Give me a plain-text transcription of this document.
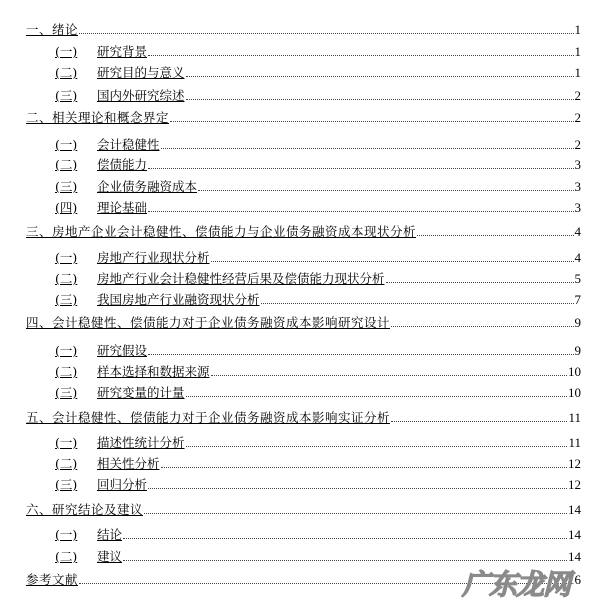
一、绪论	1
(一)	研究背景	1
(二)	研究目的与意义	1
(三)	国内外研究综述	2
二、相关理论和概念界定	2
(一)	会计稳健性	2
(二)	偿债能力	3
(三)	企业债务融资成本	3
(四)	理论基础	3
三、房地产企业会计稳健性、偿债能力与企业债务融资成本现状分析	4
(一)	房地产行业现状分析	4
(二)	房地产行业会计稳健性经营后果及偿债能力现状分析	5
(三)	我国房地产行业融资现状分析	7
四、会计稳健性、偿债能力对于企业债务融资成本影响研究设计	9
(一)	研究假设	9
(二)	样本选择和数据来源	10
(三)	研究变量的计量	10
五、会计稳健性、偿债能力对于企业债务融资成本影响实证分析	11
(一)	描述性统计分析	11
(二)	相关性分析	12
(三)	回归分析	12
六、研究结论及建议	14
(一)	结论	14
(二)	建议	14
参考文献	16
广东龙网
